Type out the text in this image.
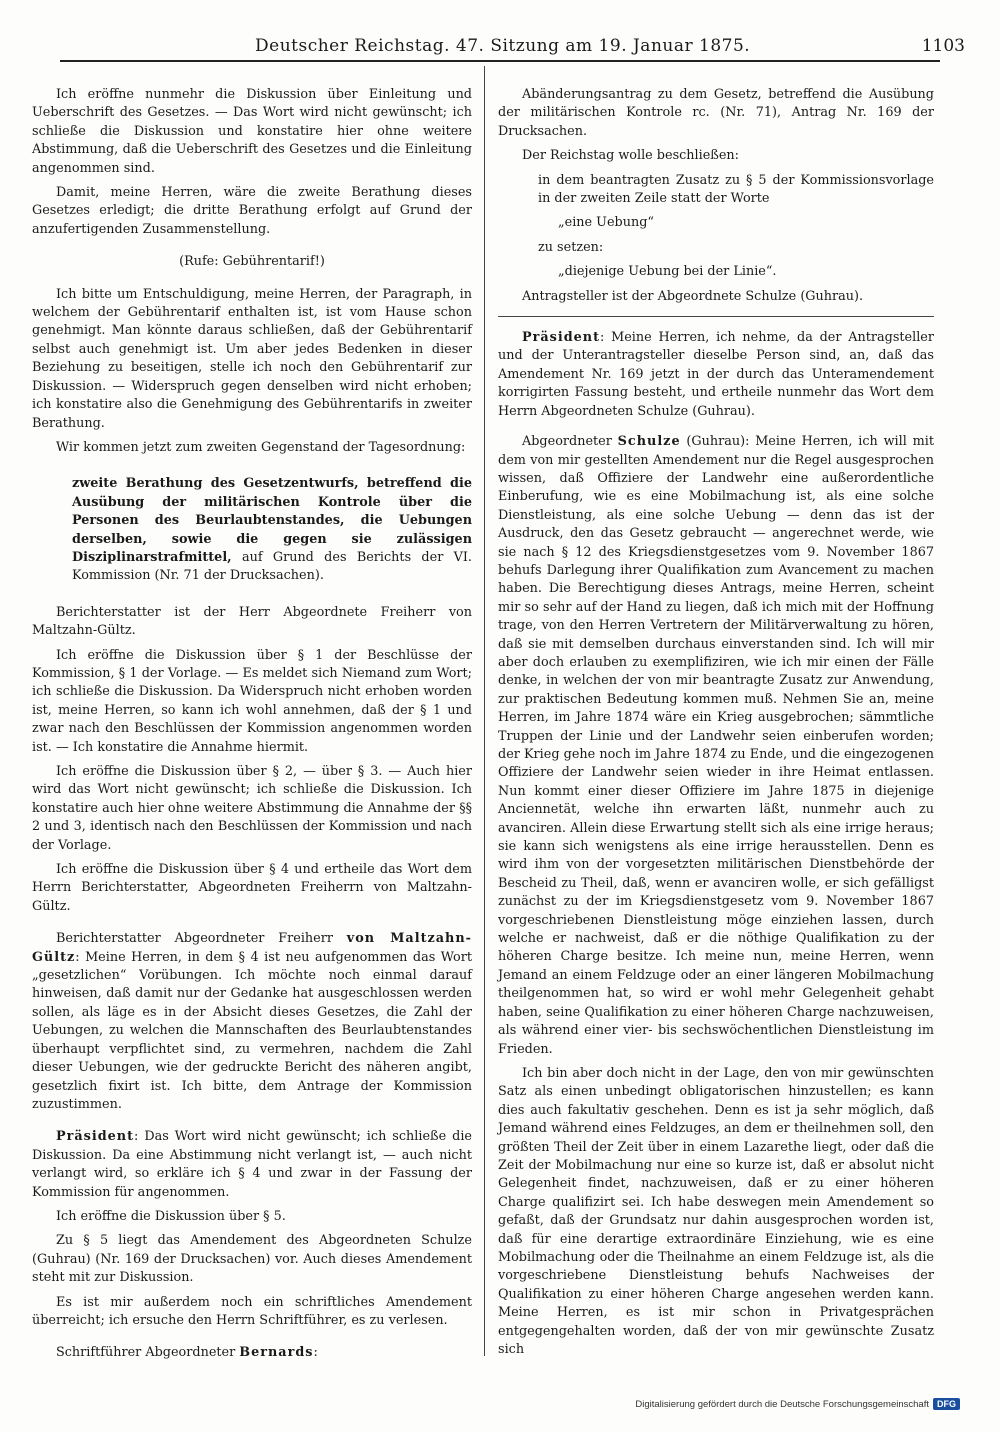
Deutscher Reichstag. 47. Sitzung am 19. Januar 1875.	1103

Ich eröffne nunmehr die Diskussion über Einleitung und Ueberschrift des Gesetzes. — Das Wort wird nicht gewünscht; ich schließe die Diskussion und konstatire hier ohne weitere Abstimmung, daß die Ueberschrift des Gesetzes und die Einleitung angenommen sind.

Damit, meine Herren, wäre die zweite Berathung dieses Gesetzes erledigt; die dritte Berathung erfolgt auf Grund der anzufertigenden Zusammenstellung.

(Rufe: Gebührentarif!)

Ich bitte um Entschuldigung, meine Herren, der Paragraph, in welchem der Gebührentarif enthalten ist, ist vom Hause schon genehmigt. Man könnte daraus schließen, daß der Gebührentarif selbst auch genehmigt ist. Um aber jedes Bedenken in dieser Beziehung zu beseitigen, stelle ich noch den Gebührentarif zur Diskussion. — Widerspruch gegen denselben wird nicht erhoben; ich konstatire also die Genehmigung des Gebührentarifs in zweiter Berathung.

Wir kommen jetzt zum zweiten Gegenstand der Tagesordnung:

zweite Berathung des Gesetzentwurfs, betreffend die Ausübung der militärischen Kontrole über die Personen des Beurlaubtenstandes, die Uebungen derselben, sowie die gegen sie zulässigen Disziplinarstrafmittel, auf Grund des Berichts der VI. Kommission (Nr. 71 der Drucksachen).

Berichterstatter ist der Herr Abgeordnete Freiherr von Maltzahn-Gültz.

Ich eröffne die Diskussion über § 1 der Beschlüsse der Kommission, § 1 der Vorlage. — Es meldet sich Niemand zum Wort; ich schließe die Diskussion. Da Widerspruch nicht erhoben worden ist, meine Herren, so kann ich wohl annehmen, daß der § 1 und zwar nach den Beschlüssen der Kommission angenommen worden ist. — Ich konstatire die Annahme hiermit.

Ich eröffne die Diskussion über § 2, — über § 3. — Auch hier wird das Wort nicht gewünscht; ich schließe die Diskussion. Ich konstatire auch hier ohne weitere Abstimmung die Annahme der §§ 2 und 3, identisch nach den Beschlüssen der Kommission und nach der Vorlage.

Ich eröffne die Diskussion über § 4 und ertheile das Wort dem Herrn Berichterstatter, Abgeordneten Freiherrn von Maltzahn-Gültz.

Berichterstatter Abgeordneter Freiherr von Maltzahn-Gültz: Meine Herren, in dem § 4 ist neu aufgenommen das Wort „gesetzlichen“ Vorübungen. Ich möchte noch einmal darauf hinweisen, daß damit nur der Gedanke hat ausgeschlossen werden sollen, als läge es in der Absicht dieses Gesetzes, die Zahl der Uebungen, zu welchen die Mannschaften des Beurlaubtenstandes überhaupt verpflichtet sind, zu vermehren, nachdem die Zahl dieser Uebungen, wie der gedruckte Bericht des näheren angibt, gesetzlich fixirt ist. Ich bitte, dem Antrage der Kommission zuzustimmen.

Präsident: Das Wort wird nicht gewünscht; ich schließe die Diskussion. Da eine Abstimmung nicht verlangt ist, — auch nicht verlangt wird, so erkläre ich § 4 und zwar in der Fassung der Kommission für angenommen.

Ich eröffne die Diskussion über § 5.

Zu § 5 liegt das Amendement des Abgeordneten Schulze (Guhrau) (Nr. 169 der Drucksachen) vor. Auch dieses Amendement steht mit zur Diskussion.

Es ist mir außerdem noch ein schriftliches Amendement überreicht; ich ersuche den Herrn Schriftführer, es zu verlesen.

Schriftführer Abgeordneter Bernards:

Abänderungsantrag zu dem Gesetz, betreffend die Ausübung der militärischen Kontrole rc. (Nr. 71), Antrag Nr. 169 der Drucksachen.

Der Reichstag wolle beschließen:

in dem beantragten Zusatz zu § 5 der Kommissionsvorlage in der zweiten Zeile statt der Worte

„eine Uebung“

zu setzen:

„diejenige Uebung bei der Linie“.

Antragsteller ist der Abgeordnete Schulze (Guhrau).

Präsident: Meine Herren, ich nehme, da der Antragsteller und der Unterantragsteller dieselbe Person sind, an, daß das Amendement Nr. 169 jetzt in der durch das Unteramendement korrigirten Fassung besteht, und ertheile nunmehr das Wort dem Herrn Abgeordneten Schulze (Guhrau).

Abgeordneter Schulze (Guhrau): Meine Herren, ich will mit dem von mir gestellten Amendement nur die Regel ausgesprochen wissen, daß Offiziere der Landwehr eine außerordentliche Einberufung, wie es eine Mobilmachung ist, als eine solche Dienstleistung, als eine solche Uebung — denn das ist der Ausdruck, den das Gesetz gebraucht — angerechnet werde, wie sie nach § 12 des Kriegsdienstgesetzes vom 9. November 1867 behufs Darlegung ihrer Qualifikation zum Avancement zu machen haben. Die Berechtigung dieses Antrags, meine Herren, scheint mir so sehr auf der Hand zu liegen, daß ich mich mit der Hoffnung trage, von den Herren Vertretern der Militärverwaltung zu hören, daß sie mit demselben durchaus einverstanden sind. Ich will mir aber doch erlauben zu exemplifiziren, wie ich mir einen der Fälle denke, in welchen der von mir beantragte Zusatz zur Anwendung, zur praktischen Bedeutung kommen muß. Nehmen Sie an, meine Herren, im Jahre 1874 wäre ein Krieg ausgebrochen; sämmtliche Truppen der Linie und der Landwehr seien einberufen worden; der Krieg gehe noch im Jahre 1874 zu Ende, und die eingezogenen Offiziere der Landwehr seien wieder in ihre Heimat entlassen. Nun kommt einer dieser Offiziere im Jahre 1875 in diejenige Anciennetät, welche ihn erwarten läßt, nunmehr auch zu avanciren. Allein diese Erwartung stellt sich als eine irrige heraus; sie kann sich wenigstens als eine irrige herausstellen. Denn es wird ihm von der vorgesetzten militärischen Dienstbehörde der Bescheid zu Theil, daß, wenn er avanciren wolle, er sich gefälligst zunächst zu der im Kriegsdienstgesetz vom 9. November 1867 vorgeschriebenen Dienstleistung möge einziehen lassen, durch welche er nachweist, daß er die nöthige Qualifikation zu der höheren Charge besitze. Ich meine nun, meine Herren, wenn Jemand an einem Feldzuge oder an einer längeren Mobilmachung theilgenommen hat, so wird er wohl mehr Gelegenheit gehabt haben, seine Qualifikation zu einer höheren Charge nachzuweisen, als während einer vier- bis sechswöchentlichen Dienstleistung im Frieden.

Ich bin aber doch nicht in der Lage, den von mir gewünschten Satz als einen unbedingt obligatorischen hinzustellen; es kann dies auch fakultativ geschehen. Denn es ist ja sehr möglich, daß Jemand während eines Feldzuges, an dem er theilnehmen soll, den größten Theil der Zeit über in einem Lazarethe liegt, oder daß die Zeit der Mobilmachung nur eine so kurze ist, daß er absolut nicht Gelegenheit findet, nachzuweisen, daß er zu einer höheren Charge qualifizirt sei. Ich habe deswegen mein Amendement so gefaßt, daß der Grundsatz nur dahin ausgesprochen worden ist, daß für eine derartige extraordinäre Einziehung, wie es eine Mobilmachung oder die Theilnahme an einem Feldzuge ist, als die vorgeschriebene Dienstleistung behufs Nachweises der Qualifikation zu einer höheren Charge angesehen werden kann. Meine Herren, es ist mir schon in Privatgesprächen entgegengehalten worden, daß der von mir gewünschte Zusatz sich

Digitalisierung gefördert durch die Deutsche Forschungsgemeinschaft DFG
